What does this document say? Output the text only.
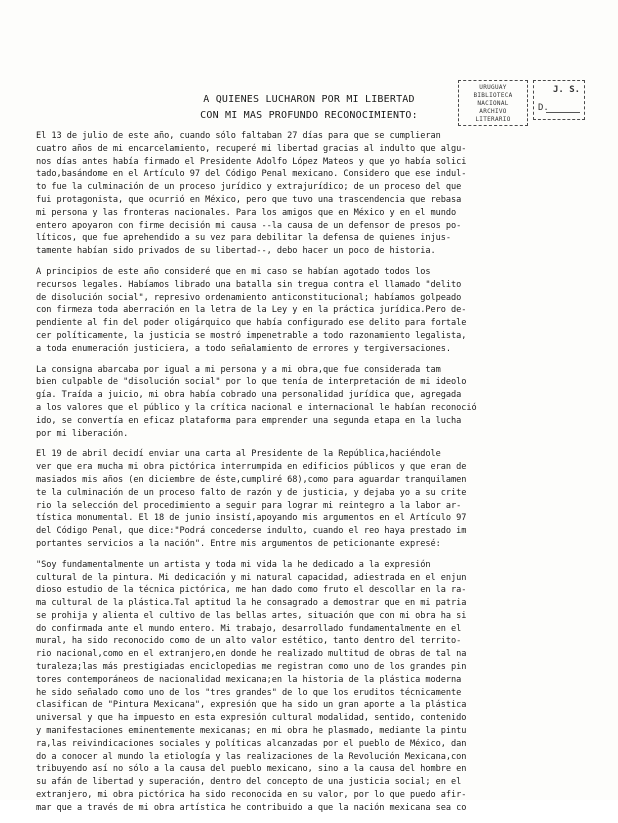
URUGUAY
BIBLIOTECA
NACIONAL
ARCHIVO
LITERARIO
J. S.
D.
A QUIENES LUCHARON POR MI LIBERTAD
CON MI MAS PROFUNDO RECONOCIMIENTO:

El 13 de julio de este año, cuando sólo faltaban 27 días para que se cumplieran
cuatro años de mi encarcelamiento, recuperé mi libertad gracias al indulto que algu-
nos días antes había firmado el Presidente Adolfo López Mateos y que yo había solici
tado,basándome en el Artículo 97 del Código Penal mexicano. Considero que ese indul-
to fue la culminación de un proceso jurídico y extrajurídico; de un proceso del que
fui protagonista, que ocurrió en México, pero que tuvo una trascendencia que rebasa
mi persona y las fronteras nacionales. Para los amigos que en México y en el mundo
entero apoyaron con firme decisión mi causa --la causa de un defensor de presos po-
líticos, que fue aprehendido a su vez para debilitar la defensa de quienes injus-
tamente habían sido privados de su libertad--, debo hacer un poco de historia.

A principios de este año consideré que en mi caso se habían agotado todos los
recursos legales. Habíamos librado una batalla sin tregua contra el llamado "delito
de disolución social", represivo ordenamiento anticonstitucional; habíamos golpeado
con firmeza toda aberración en la letra de la Ley y en la práctica jurídica.Pero de-
pendiente al fin del poder oligárquico que había configurado ese delito para fortale
cer políticamente, la justicia se mostró impenetrable a todo razonamiento legalista,
a toda enumeración justiciera, a todo señalamiento de errores y tergiversaciones.

La consigna abarcaba por igual a mi persona y a mi obra,que fue considerada tam
bien culpable de "disolución social" por lo que tenía de interpretación de mi ideolo
gía. Traída a juicio, mi obra había cobrado una personalidad jurídica que, agregada
a los valores que el público y la crítica nacional e internacional le habían reconoció
ido, se convertía en eficaz plataforma para emprender una segunda etapa en la lucha
por mi liberación.

El 19 de abril decidí enviar una carta al Presidente de la República,haciéndole
ver que era mucha mi obra pictórica interrumpida en edificios públicos y que eran de
masiados mis años (en diciembre de éste,cumpliré 68),como para aguardar tranquilamen
te la culminación de un proceso falto de razón y de justicia, y dejaba yo a su crite
rio la selección del procedimiento a seguir para lograr mi reintegro a la labor ar-
tística monumental. El 18 de junio insistí,apoyando mis argumentos en el Artículo 97
del Código Penal, que dice:"Podrá concederse indulto, cuando el reo haya prestado im
portantes servicios a la nación". Entre mis argumentos de peticionante expresé:

"Soy fundamentalmente un artista y toda mi vida la he dedicado a la expresión
cultural de la pintura. Mi dedicación y mi natural capacidad, adiestrada en el enjun
dioso estudio de la técnica pictórica, me han dado como fruto el descollar en la ra-
ma cultural de la plástica.Tal aptitud la he consagrado a demostrar que en mi patria
se prohija y alienta el cultivo de las bellas artes, situación que con mi obra ha si
do confirmada ante el mundo entero. Mi trabajo, desarrollado fundamentalmente en el
mural, ha sido reconocido como de un alto valor estético, tanto dentro del territo-
rio nacional,como en el extranjero,en donde he realizado multitud de obras de tal na
turaleza;las más prestigiadas enciclopedias me registran como uno de los grandes pin
tores contemporáneos de nacionalidad mexicana;en la historia de la plástica moderna
he sido señalado como uno de los "tres grandes" de lo que los eruditos técnicamente
clasifican de "Pintura Mexicana", expresión que ha sido un gran aporte a la plástica
universal y que ha impuesto en esta expresión cultural modalidad, sentido, contenido
y manifestaciones eminentemente mexicanas; en mi obra he plasmado, mediante la pintu
ra,las reivindicaciones sociales y políticas alcanzadas por el pueblo de México, dan
do a conocer al mundo la etiología y las realizaciones de la Revolución Mexicana,con
tribuyendo así no sólo a la causa del pueblo mexicano, sino a la causa del hombre en
su afán de libertad y superación, dentro del concepto de una justicia social; en el
extranjero, mi obra pictórica ha sido reconocida en su valor, por lo que puedo afir-
mar que a través de mi obra artística he contribuido a que la nación mexicana sea co
